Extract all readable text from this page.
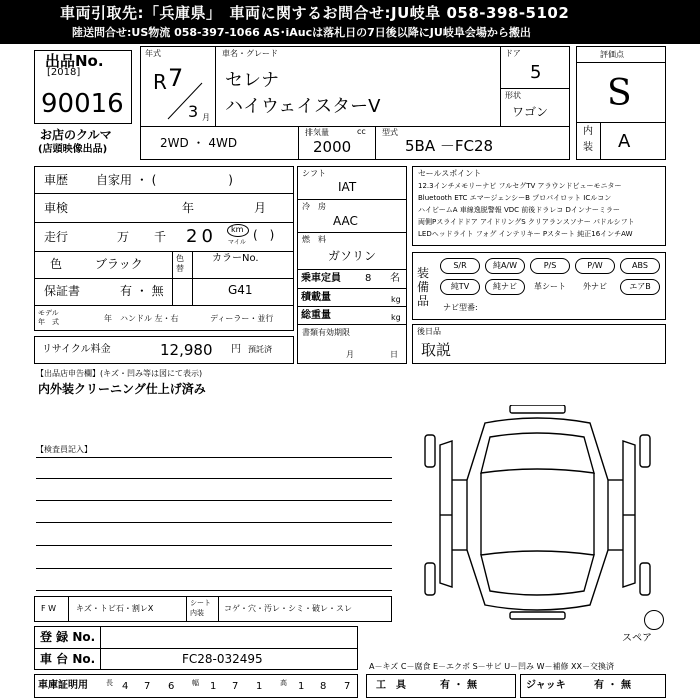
車両引取先:「兵庫県」　車両に関するお問合せ:JU岐阜 058-398-5102
陸送問合せ:US物流 058-397-1066 AS･iAucは落札日の7日後以降にJU岐阜会場から搬出
出品No.
[2018]
90016
お店のクルマ
(店頭映像出品)
年式
R 7
3 月
車名・グレード
セレナ
ハイウェイスターV
ドア
5
形状
ワゴン
2WD ・ 4WD
排気量	cc
2000
型式
5BA －FC28
評価点
S
内
装 A
車歴 自家用 ・ (　　　　　　)
車検	年	月
走行	万 千 20 km
マイル
(　)
色	ブラック	色替
カラーNo.
G41
保証書	有 ・ 無
モデル
年　式	年 ハンドル 左・右	ディーラー・並行
リサイクル料金	12,980 円 預託済
シフト
IAT
冷　房
AAC
燃　料
ガソリン
乗車定員 8 名
積載量	kg
総重量	kg
書類有効期限
月	日
セールスポイント
12.3インチメモリーナビ フルセグTV アラウンドビューモニター
Bluetooth ETC エマージェンシーB プロパイロット ICルコン
ハイビームA 車線逸脱警報 VDC 前後ドラレコ Dインナーミラー
両側Pスライドドア アイドリングS クリアランスソナー パドルシフト
LEDヘッドライト フォグ インテリキー Pスタート 純正16インチAW
装備品
S/R	純A/W	P/S	P/W	ABS
純TV	純ナビ	革シート	外ナビ	エアB
ナビ型番:
後日品
取説
【出品店申告欄】(キズ・凹み等は図にて表示)
内外装クリーニング仕上げ済み
【検査員記入】
スペア
A－キズ C－腐食 E－エクボ S－サビ U－凹み W－補修 XX－交換済
F W キズ・トビ石・割レX
シート
内装	コゲ・穴・汚レ・シミ・破レ・スレ
登 録 No.
車 台 No.	FC28-032495
車庫証明用	長 4 7 6	幅 1 7 1	高 1 8 7	工　具	有 ・ 無	ジャッキ	有 ・ 無
